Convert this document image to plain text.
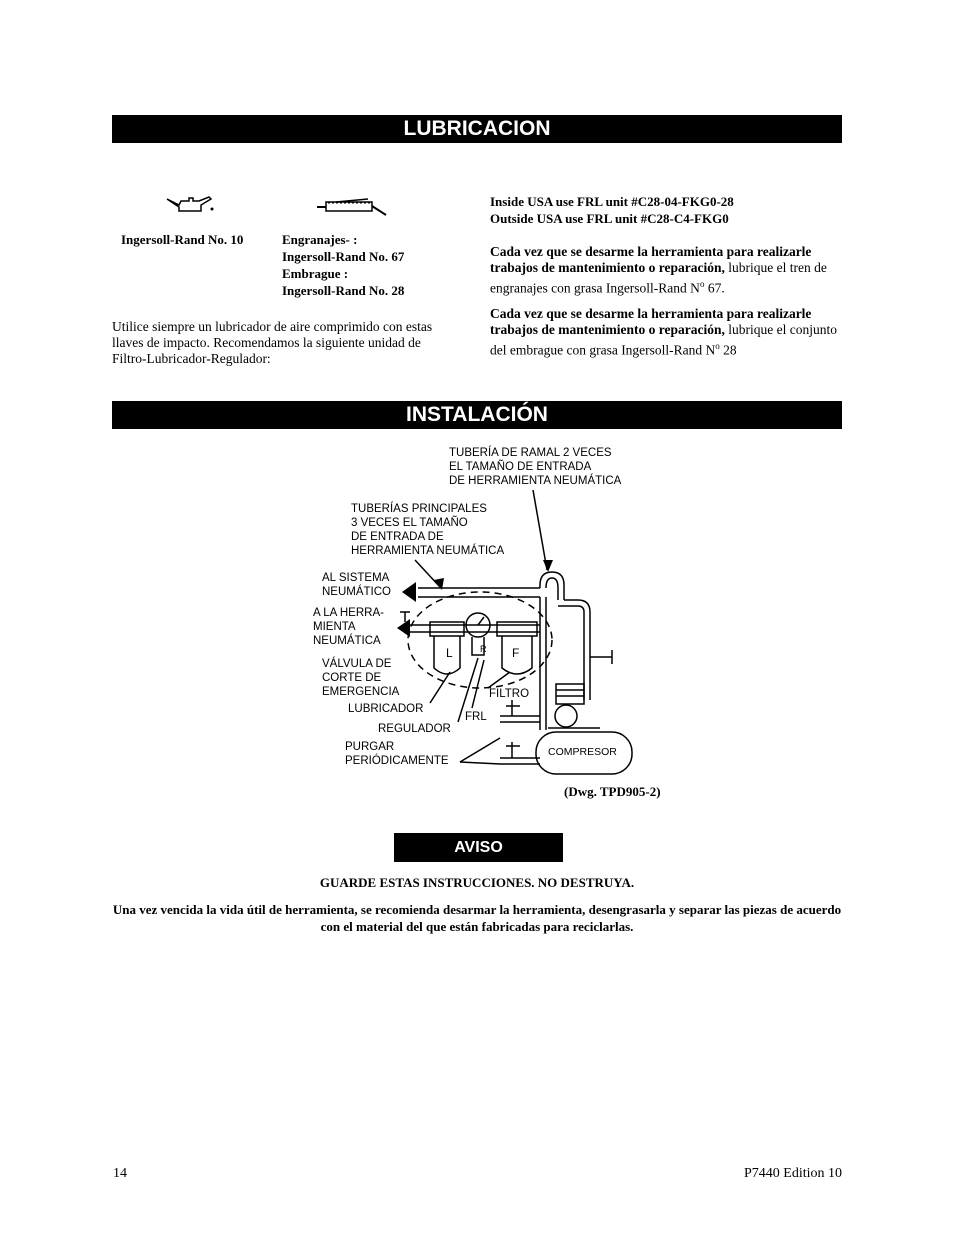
LUBRICACION
Ingersoll-Rand No. 10	Engranajes- :
Ingersoll-Rand No. 67
Embrague :
Ingersoll-Rand No. 28
Utilice siempre un lubricador de aire comprimido con estas llaves de impacto. Recomendamos la siguiente unidad de Filtro-Lubricador-Regulador:
Inside USA use FRL unit #C28-04-FKG0-28
Outside USA use FRL unit #C28-C4-FKG0
Cada vez que se desarme la herramienta para realizarle trabajos de mantenimiento o reparación, lubrique el tren de engranajes con grasa Ingersoll-Rand $N^o$ 67.
Cada vez que se desarme la herramienta para realizarle trabajos de mantenimiento o reparación, lubrique el conjunto del embrague con grasa Ingersoll-Rand $N^o$ 28
INSTALACIÓN
TUBERÍA DE RAMAL 2 VECES
EL TAMAÑO DE ENTRADA
DE HERRAMIENTA NEUMÁTICA
TUBERÍAS PRINCIPALES
3 VECES EL TAMAÑO
DE ENTRADA DE
HERRAMIENTA NEUMÁTICA
AL SISTEMA
NEUMÁTICO
A LA HERRA-
MIENTA
NEUMÁTICA
VÁLVULA DE
CORTE DE
EMERGENCIA
LUBRICADOR
REGULADOR
FRL
FILTRO
PURGAR
PERIÓDICAMENTE
COMPRESOR
L	R F
(Dwg. TPD905-2)
AVISO
GUARDE ESTAS INSTRUCCIONES. NO DESTRUYA.
Una vez vencida la vida útil de herramienta, se recomienda desarmar la herramienta, desengrasarla y separar las piezas de acuerdo con el material del que están fabricadas para reciclarlas.
14	P7440 Edition 10
